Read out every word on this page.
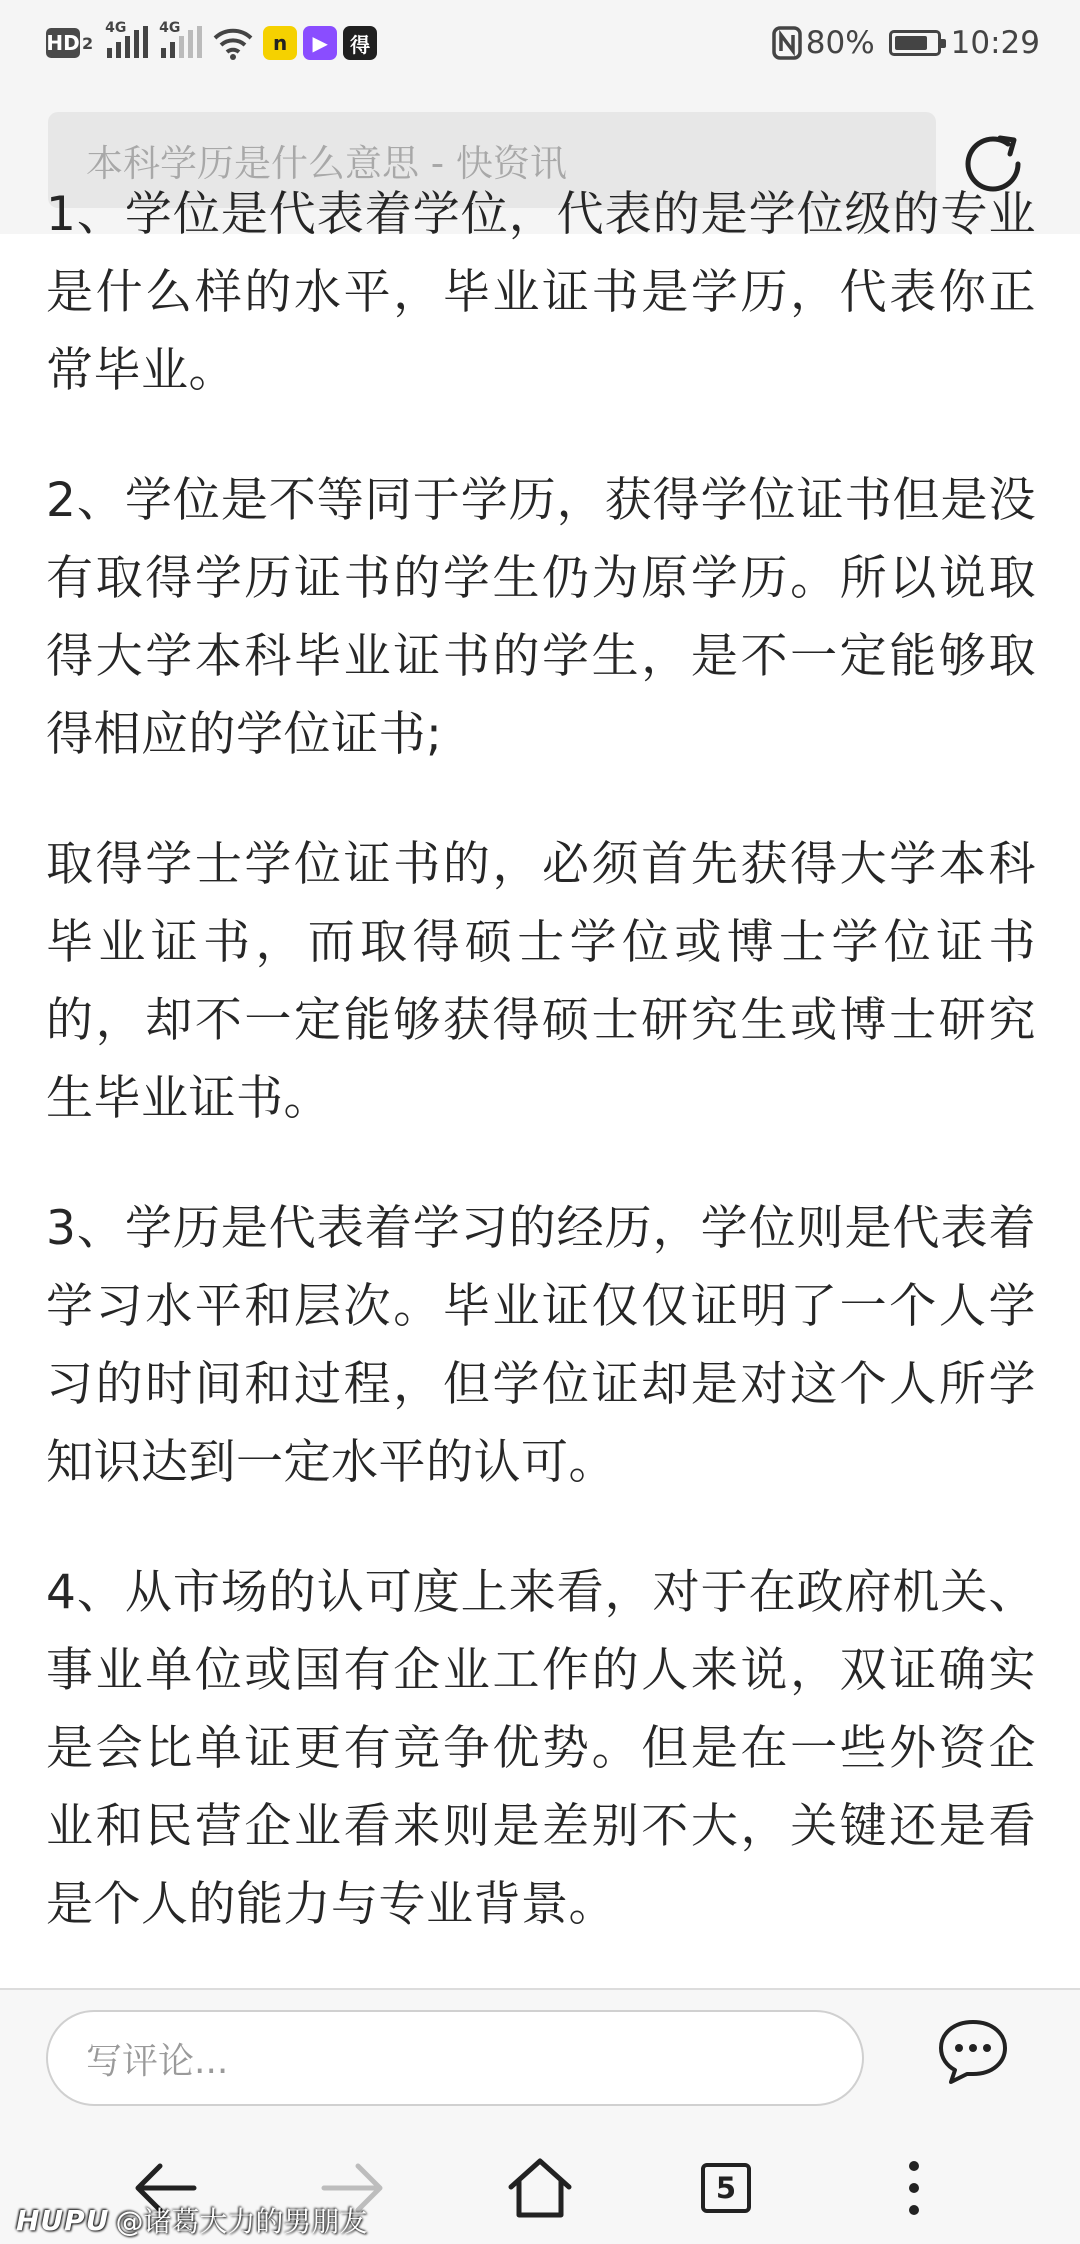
HD 2
4G 4G
n	▶	得	80% 10:29
本科学历是什么意思 - 快资讯

1、学位是代表着学位，代表的是学位级的专业是什么样的水平，毕业证书是学历，代表你正常毕业。

2、学位是不等同于学历，获得学位证书但是没有取得学历证书的学生仍为原学历。所以说取得大学本科毕业证书的学生，是不一定能够取得相应的学位证书;

取得学士学位证书的，必须首先获得大学本科毕业证书，而取得硕士学位或博士学位证书的，却不一定能够获得硕士研究生或博士研究生毕业证书。

3、学历是代表着学习的经历，学位则是代表着学习水平和层次。毕业证仅仅证明了一个人学习的时间和过程，但学位证却是对这个人所学知识达到一定水平的认可。

4、从市场的认可度上来看，对于在政府机关、事业单位或国有企业工作的人来说，双证确实是会比单证更有竞争优势。但是在一些外资企业和民营企业看来则是差别不大，关键还是看是个人的能力与专业背景。

写评论...
5
HUPU @诸葛大力的男朋友
